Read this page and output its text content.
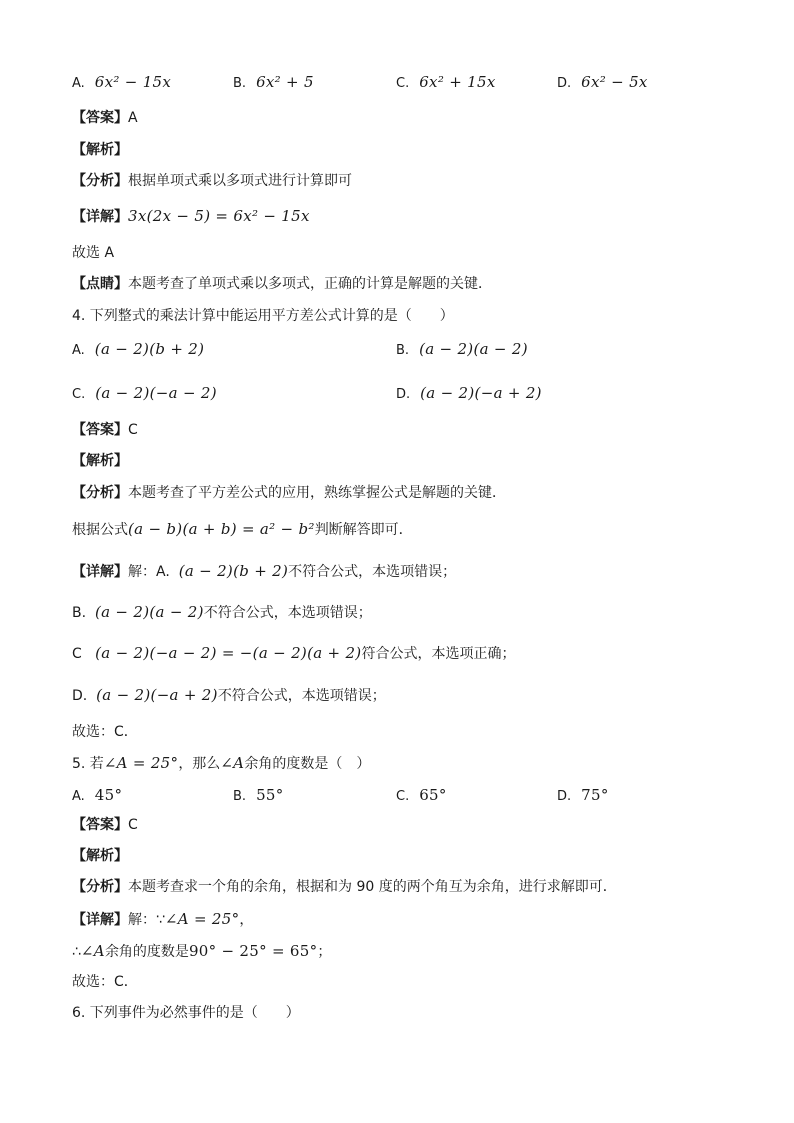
A. 6x² − 15x	B. 6x² + 5	C. 6x² + 15x	D. 6x² − 5x
【答案】A
【解析】
【分析】根据单项式乘以多项式进行计算即可
【详解】3x(2x − 5) = 6x² − 15x
故选 A
【点睛】本题考查了单项式乘以多项式，正确的计算是解题的关键．
4. 下列整式的乘法计算中能运用平方差公式计算的是（　　）
A. (a − 2)(b + 2)	B. (a − 2)(a − 2)
C. (a − 2)(−a − 2)	D. (a − 2)(−a + 2)
【答案】C
【解析】
【分析】本题考查了平方差公式的应用，熟练掌握公式是解题的关键．
根据公式(a − b)(a + b) = a² − b²判断解答即可．
【详解】解：A. (a − 2)(b + 2)不符合公式，本选项错误；
B. (a − 2)(a − 2)不符合公式，本选项错误；
C (a − 2)(−a − 2) = −(a − 2)(a + 2)符合公式，本选项正确；
D. (a − 2)(−a + 2)不符合公式，本选项错误；
故选：C．
5. 若∠A = 25°，那么∠A余角的度数是（　）
A. 45°	B. 55°	C. 65°	D. 75°
【答案】C
【解析】
【分析】本题考查求一个角的余角，根据和为 90 度的两个角互为余角，进行求解即可．
【详解】解：∵∠A = 25°，
∴∠A余角的度数是90° − 25° = 65°；
故选：C．
6. 下列事件为必然事件的是（　　）
